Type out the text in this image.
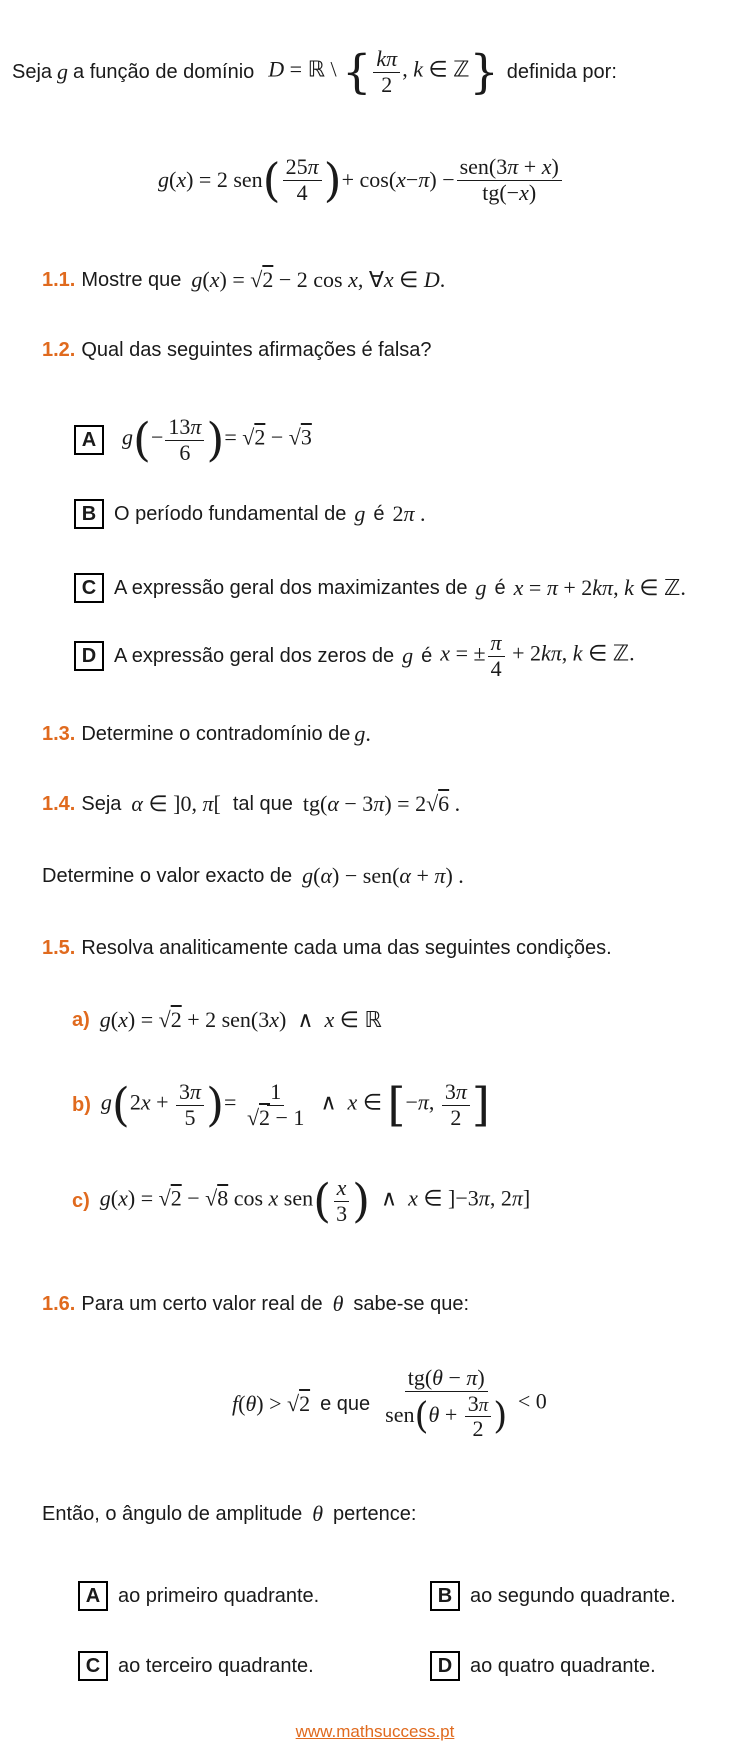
Seja g a função de domínio D = ℝ \ { $\frac{k\pi}{2}$ , k ∈ ℤ} definida por:
g ( x ) = 2 sen ( $\frac{25\pi}{4}$ ) + cos( x − π ) − $\frac{\text{sen(3π + x)}}{tg(-x)}$
1.1. Mostre que g(x) = √2 − 2 cos x, ∀x ∈ D.
1.2. Qual das seguintes afirmações é falsa?
A	$g(- \frac{13\pi}{6}$ )= √2 − √3
B O período fundamental de g é 2π .
C A expressão geral dos maximizantes de g é x = π + 2kπ, k ∈ ℤ.
D A expressão geral dos zeros de g é x = ± $\frac{\pi}{4} + 2k\pi$, k ∈ ℤ.
1.3. Determine o contradomínio de g.
1.4. Seja α ∈ ]0, π[ tal que tg(α − 3π) = 2√6 .
Determine o valor exacto de g(α) − sen(α + π) .
1.5. Resolva analiticamente cada uma das seguintes condições.
a) g(x) = √2 + 2 sen(3x)  ∧  x ∈ ℝ
b) $g(2x + \frac{3\pi}{5}$ )= $\frac{1}{√2 - 1}$ ∧  x ∈ [−π, $\frac{3\pi}{2}$ ]
c) g(x) = √2 − √8 cos x $sen( \frac{x}{3}$ )  ∧  x ∈ ]−3π, 2π]
1.6. Para um certo valor real de θ sabe-se que:
f(θ) > √2 e que $\frac{tg(\theta - \pi)}{sen(\theta + \frac{3\pi}{2} )} < 0$
Então, o ângulo de amplitude θ pertence:
A ao primeiro quadrante.	B ao segundo quadrante.
C ao terceiro quadrante.	D ao quatro quadrante.
www.mathsuccess.pt
